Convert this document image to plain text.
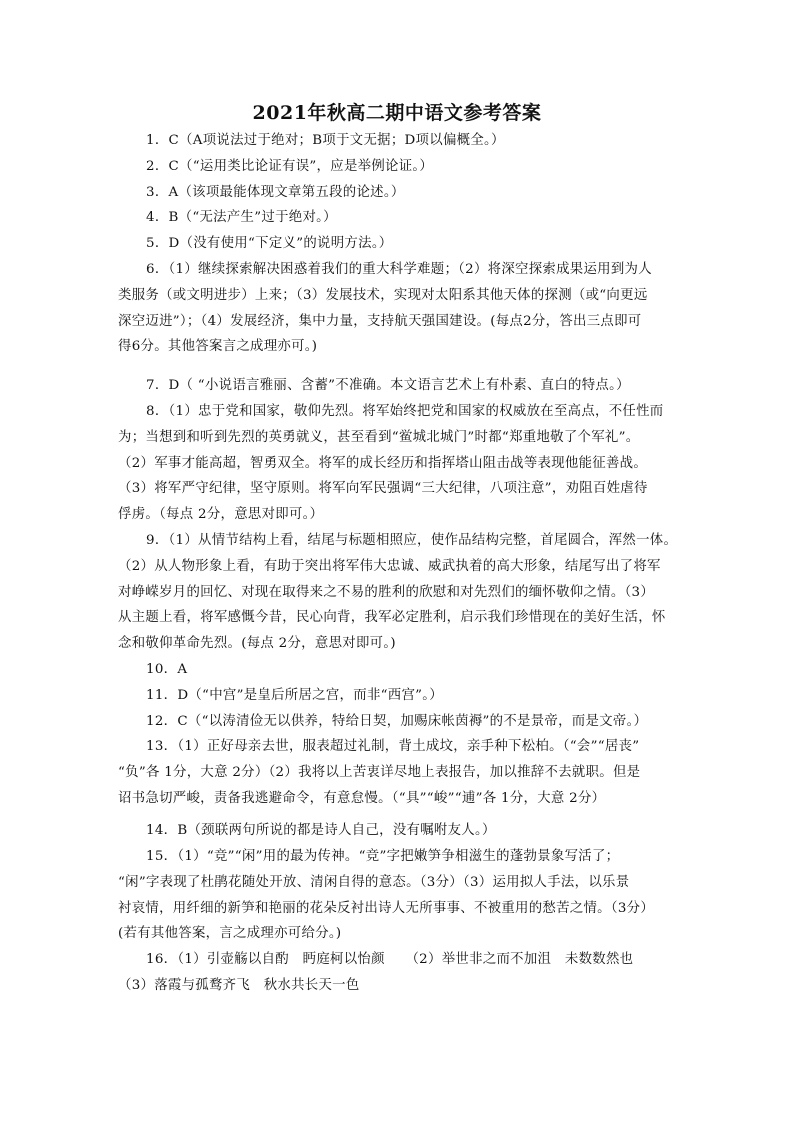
2021年秋高二期中语文参考答案
1．C（A项说法过于绝对；B项于文无据；D项以偏概全。）
2．C（“运用类比论证有误”，应是举例论证。）
3．A（该项最能体现文章第五段的论述。）
4．B（“无法产生”过于绝对。）
5．D（没有使用“下定义”的说明方法。）
6．（1）继续探索解决困惑着我们的重大科学难题；（2）将深空探索成果运用到为人
类服务（或文明进步）上来；（3）发展技术，实现对太阳系其他天体的探测（或“向更远
深空迈进”）；（4）发展经济，集中力量，支持航天强国建设。(每点2分，答出三点即可
得6分。其他答案言之成理亦可。)
7．D（ “小说语言雅丽、含蓄”不准确。本文语言艺术上有朴素、直白的特点。）
8．（1）忠于党和国家，敬仰先烈。将军始终把党和国家的权威放在至高点，不任性而
为；当想到和听到先烈的英勇就义，甚至看到“鲎城北城门”时都“郑重地敬了个军礼”。
（2）军事才能高超，智勇双全。将军的成长经历和指挥塔山阻击战等表现他能征善战。
（3）将军严守纪律，坚守原则。将军向军民强调“三大纪律，八项注意”，劝阻百姓虐待
俘虏。（每点 2分，意思对即可。）
9．（1）从情节结构上看，结尾与标题相照应，使作品结构完整，首尾圆合，浑然一体。
（2）从人物形象上看，有助于突出将军伟大忠诚、威武执着的高大形象，结尾写出了将军
对峥嵘岁月的回忆、对现在取得来之不易的胜利的欣慰和对先烈们的缅怀敬仰之情。（3）
从主题上看，将军感慨今昔，民心向背，我军必定胜利，启示我们珍惜现在的美好生活，怀
念和敬仰革命先烈。(每点 2分，意思对即可。)
10．A
11．D（“中宫”是皇后所居之宫，而非“西宫”。）
12．C（“以涛清俭无以供养，特给日契，加赐床帐茵褥”的不是景帝，而是文帝。）
13．（1）正好母亲去世，服表超过礼制，背土成坟，亲手种下松柏。（“会”“居丧”
“负”各 1分，大意 2分）（2）我将以上苦衷详尽地上表报告，加以推辞不去就职。但是
诏书急切严峻，责备我逃避命令，有意怠慢。（“具”“峻”“逋”各 1分，大意 2分）
14．B（颈联两句所说的都是诗人自己，没有嘱咐友人。）
15．（1）“竞”“闲”用的最为传神。“竞”字把嫩笋争相滋生的蓬勃景象写活了；
“闲”字表现了杜鹃花随处开放、清闲自得的意态。（3分）（3）运用拟人手法，以乐景
衬哀情，用纤细的新笋和艳丽的花朵反衬出诗人无所事事、不被重用的愁苦之情。（3分）
(若有其他答案，言之成理亦可给分。)
16．（1）引壶觞以自酌　眄庭柯以怡颜　　（2）举世非之而不加沮　未数数然也
（3）落霞与孤鹜齐飞　秋水共长天一色
